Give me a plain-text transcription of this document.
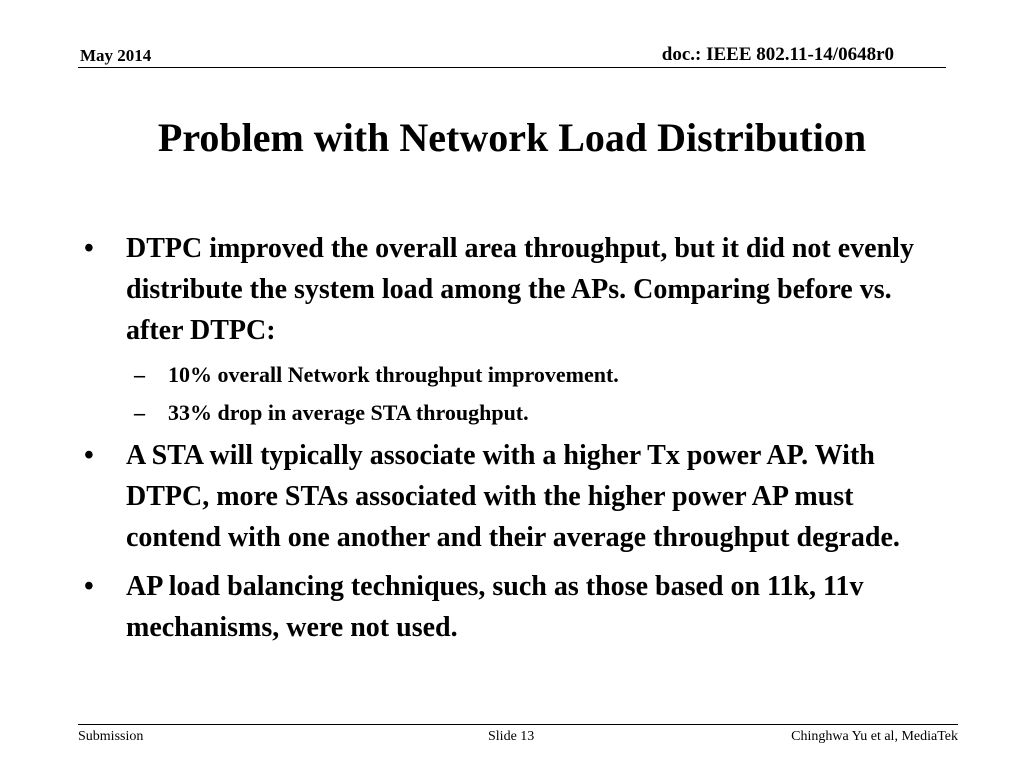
May 2014	doc.: IEEE 802.11-14/0648r0
Problem with Network Load Distribution
• DTPC improved the overall area throughput, but it did not evenly distribute the system load among the APs. Comparing before vs. after DTPC:
– 10% overall Network throughput improvement.
– 33% drop in average STA throughput.
• A STA will typically associate with a higher Tx power AP. With DTPC, more STAs associated with the higher power AP must contend with one another and their average throughput degrade.
• AP load balancing techniques, such as those based on 11k, 11v mechanisms, were not used.
Submission	Slide 13	Chinghwa Yu et al, MediaTek
